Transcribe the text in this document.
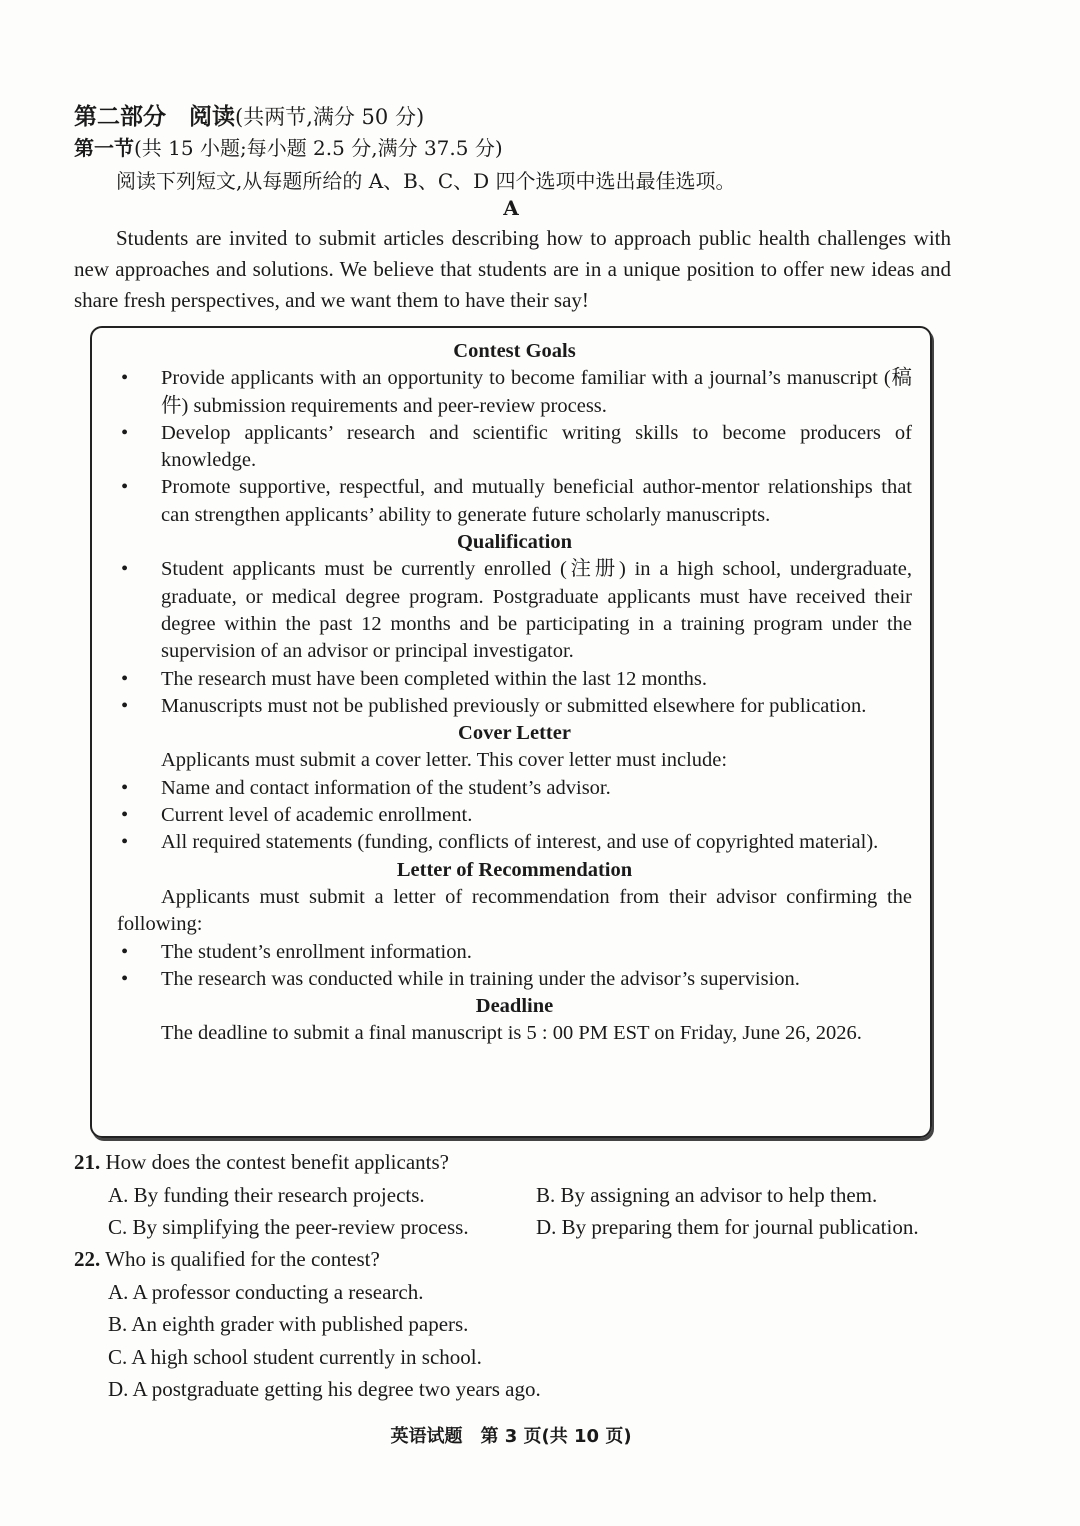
第二部分　阅读(共两节,满分 50 分)
第一节(共 15 小题;每小题 2.5 分,满分 37.5 分)
阅读下列短文,从每题所给的 A、B、C、D 四个选项中选出最佳选项。
A

Students are invited to submit articles describing how to approach public health challenges with new approaches and solutions. We believe that students are in a unique position to offer new ideas and share fresh perspectives, and we want them to have their say!

Contest Goals

• Provide applicants with an opportunity to become familiar with a journal’s manuscript (稿件) submission requirements and peer-review process.
• Develop applicants’ research and scientific writing skills to become producers of knowledge.
• Promote supportive, respectful, and mutually beneficial author-mentor relationships that can strengthen applicants’ ability to generate future scholarly manuscripts.

Qualification

• Student applicants must be currently enrolled (注册) in a high school, undergraduate, graduate, or medical degree program. Postgraduate applicants must have received their degree within the past 12 months and be participating in a training program under the supervision of an advisor or principal investigator.
• The research must have been completed within the last 12 months.
• Manuscripts must not be published previously or submitted elsewhere for publication.

Cover Letter

Applicants must submit a cover letter. This cover letter must include:

• Name and contact information of the student’s advisor.
• Current level of academic enrollment.
• All required statements (funding, conflicts of interest, and use of copyrighted material).

Letter of Recommendation

Applicants must submit a letter of recommendation from their advisor confirming the following:

• The student’s enrollment information.
• The research was conducted while in training under the advisor’s supervision.

Deadline

The deadline to submit a final manuscript is 5 : 00 PM EST on Friday, June 26, 2026.

21. How does the contest benefit applicants?
A. By funding their research projects.	B. By assigning an advisor to help them.
C. By simplifying the peer-review process.	D. By preparing them for journal publication.
22. Who is qualified for the contest?
A. A professor conducting a research.
B. An eighth grader with published papers.
C. A high school student currently in school.
D. A postgraduate getting his degree two years ago.
英语试题　第 3 页(共 10 页)
